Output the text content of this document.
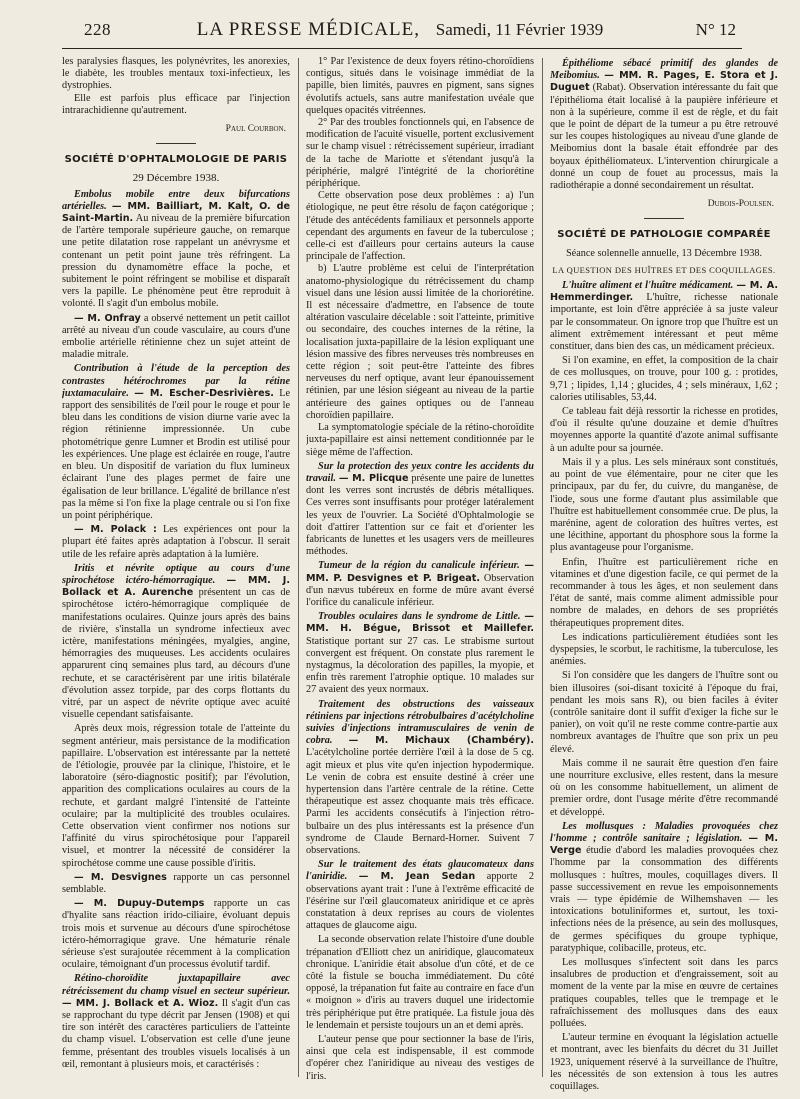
228	LA PRESSE MÉDICALE, Samedi, 11 Février 1939	N° 12

les paralysies flasques, les polynévrites, les anorexies, le diabète, les troubles mentaux toxi-infectieux, les dystrophies.

Elle est parfois plus efficace par l'injection intrarachidienne qu'autrement.

Paul Courbon.

SOCIÉTÉ D'OPHTALMOLOGIE DE PARIS
29 Décembre 1938.

Embolus mobile entre deux bifurcations artérielles. — MM. Bailliart, M. Kalt, O. de Saint-Martin. Au niveau de la première bifurcation de l'artère temporale supérieure gauche, on remarque une petite dilatation rose rappelant un anévrysme et contenant un petit point jaune très réfringent. La pression du dynamomètre efface la poche, et subitement le point réfringent se mobilise et disparaît vers la papille. Le phénomène peut être reproduit à volonté. Il s'agit d'un embolus mobile.

— M. Onfray a observé nettement un petit caillot arrêté au niveau d'un coude vasculaire, au cours d'une embolie artérielle rétinienne chez un sujet atteint de maladie mitrale.

Contribution à l'étude de la perception des contrastes hétérochromes par la rétine juxtamaculaire. — M. Escher-Desrivières. Le rapport des sensibilités de l'œil pour le rouge et pour le bleu dans les conditions de vision diurne varie avec la région rétinienne impressionnée. Un cube photométrique genre Lumner et Brodin est utilisé pour les expériences. Une plage est éclairée en rouge, l'autre en bleu. Un dispositif de variation du flux lumineux éclairant l'une des plages permet de faire une égalisation de leur brillance. L'égalité de brillance n'est pas la même si l'on fixe la plage centrale ou si l'on fixe un point périphérique.

— M. Polack : Les expériences ont pour la plupart été faites après adaptation à l'obscur. Il serait utile de les refaire après adaptation à la lumière.

Iritis et névrite optique au cours d'une spirochétose ictéro-hémorragique. — MM. J. Bollack et A. Aurenche présentent un cas de spirochétose ictéro-hémorragique compliquée de manifestations oculaires. Quinze jours après des bains de rivière, s'installa un syndrome infectieux avec ictère, manifestations méningées, myalgies, angine, hémorragies des muqueuses. Les accidents oculaires apparurent cinq semaines plus tard, au décours d'une rechute, et se caractérisèrent par une iritis bilatérale d'évolution assez torpide, par des corps flottants du vitré, par un aspect de névrite optique avec acuité visuelle cependant satisfaisante.

Après deux mois, régression totale de l'atteinte du segment antérieur, mais persistance de la modification papillaire. L'observation est intéressante par la netteté de l'étiologie, prouvée par la clinique, l'histoire, et le laboratoire (séro-diagnostic positif); par l'évolution, apparition des complications oculaires au cours de la rechute, et gardant malgré l'intensité de l'atteinte oculaire; par la multiplicité des troubles oculaires. Cette observation vient confirmer nos notions sur l'affinité du virus spirochétosique pour l'appareil visuel, et montrer la nécessité de considérer la spirochétose comme une cause possible d'iritis.

— M. Desvignes rapporte un cas personnel semblable.

— M. Dupuy-Dutemps rapporte un cas d'hyalite sans réaction irido-ciliaire, évoluant depuis trois mois et survenue au décours d'une spirochétose ictéro-hémorragique grave. Une hématurie rénale sérieuse s'est surajoutée récemment à la complication oculaire, témoignant d'un processus évolutif tardif.

Rétino-choroïdite juxtapapillaire avec rétrécissement du champ visuel en secteur supérieur. — MM. J. Bollack et A. Wioz. Il s'agit d'un cas se rapprochant du type décrit par Jensen (1908) et qui tire son intérêt des caractères particuliers de l'atteinte du champ visuel. L'observation est celle d'une jeune femme, présentant des troubles visuels localisés à un œil, remontant à plusieurs mois, et caractérisés :

1° Par l'existence de deux foyers rétino-choroïdiens contigus, situés dans le voisinage immédiat de la papille, bien limités, pauvres en pigment, sans signes évolutifs actuels, sans autre manifestation uvéale que quelques opacités vitréennes.

2° Par des troubles fonctionnels qui, en l'absence de modification de l'acuité visuelle, portent exclusivement sur le champ visuel : rétrécissement supérieur, irradiant de la tache de Mariotte et s'étendant jusqu'à la périphérie, malgré l'intégrité de la choriorétine périphérique.

Cette observation pose deux problèmes : a) l'un étiologique, ne peut être résolu de façon catégorique ; l'étude des antécédents familiaux et personnels apporte cependant des arguments en faveur de la tuberculose ; celle-ci est d'ailleurs pour certains auteurs la cause principale de l'affection.

b) L'autre problème est celui de l'interprétation anatomo-physiologique du rétrécissement du champ visuel dans une lésion aussi limitée de la choriorétine. Il est nécessaire d'admettre, en l'absence de toute altération vasculaire décelable : soit l'atteinte, primitive ou secondaire, des couches internes de la rétine, la localisation juxta-papillaire de la lésion expliquant une lésion massive des fibres nerveuses très nombreuses en cette région ; soit peut-être l'atteinte des fibres nerveuses du nerf optique, avant leur épanouissement rétinien, par une lésion siégeant au niveau de la partie antérieure des gaines optiques ou de l'anneau choroïdien papillaire.

La symptomatologie spéciale de la rétino-choroïdite juxta-papillaire est ainsi nettement conditionnée par le siège même de l'affection.

Sur la protection des yeux contre les accidents du travail. — M. Plicque présente une paire de lunettes dont les verres sont incrustés de débris métalliques. Ces verres sont insuffisants pour protéger latéralement les yeux de l'ouvrier. La Société d'Ophtalmologie se doit d'attirer l'attention sur ce fait et d'orienter les fabricants de lunettes et les usagers vers de meilleures méthodes.

Tumeur de la région du canalicule inférieur. — MM. P. Desvignes et P. Brigeat. Observation d'un nævus tubéreux en forme de mûre avant éversé l'orifice du canalicule inférieur.

Troubles oculaires dans le syndrome de Little. — MM. H. Bégue, Brissot et Maillefer. Statistique portant sur 27 cas. Le strabisme surtout convergent est fréquent. On constate plus rarement le nystagmus, la décoloration des papilles, la myopie, et enfin très rarement l'atrophie optique. 10 malades sur 27 avaient des yeux normaux.

Traitement des obstructions des vaisseaux rétiniens par injections rétrobulbaires d'acétylcholine suivies d'injections intramusculaires de venin de cobra. — M. Michaux (Chambéry). L'acétylcholine portée derrière l'œil à la dose de 5 cg. agit mieux et plus vite qu'en injection hypodermique. Le venin de cobra est ensuite destiné à créer une hypertension dans l'artère centrale de la rétine. Cette thérapeutique est assez choquante mais très efficace. Parmi les accidents consécutifs à l'injection rétro-bulbaire un des plus intéressants est la présence d'un syndrome de Claude Bernard-Horner. Suivent 7 observations.

Sur le traitement des états glaucomateux dans l'aniridie. — M. Jean Sedan apporte 2 observations ayant trait : l'une à l'extrême efficacité de l'ésérine sur l'œil glaucomateux aniridique et ce après constatation à deux reprises au cours de violentes attaques de glaucome aigu.

La seconde observation relate l'histoire d'une double trépanation d'Elliott chez un aniridique, glaucomateux chronique. L'aniridie était absolue d'un côté, et de ce côté la fistule se boucha immédiatement. Du côté opposé, la trépanation fut faite au contraire en face d'un « moignon » d'iris au travers duquel une iridectomie très périphérique put être pratiquée. La fistule joua dès le lendemain et persiste toujours un an et demi après.

L'auteur pense que pour sectionner la base de l'iris, ainsi que cela est indispensable, il est commode d'opérer chez l'aniridique au niveau des vestiges de l'iris.

Épithéliome sébacé primitif des glandes de Meibomius. — MM. R. Pages, E. Stora et J. Duguet (Rabat). Observation intéressante du fait que l'épithélioma était localisé à la paupière inférieure et non à la supérieure, comme il est de règle, et du fait que le point de départ de la tumeur a pu être retrouvé sur les coupes histologiques au niveau d'une glande de Meibomius dont la basale était effondrée par des boyaux épithéliomateux. L'intervention chirurgicale a donné un coup de fouet au processus, mais la radiothérapie a donné secondairement un résultat.

Dubois-Poulsen.

SOCIÉTÉ DE PATHOLOGIE COMPARÉE

Séance solennelle annuelle, 13 Décembre 1938.

LA QUESTION DES HUÎTRES ET DES COQUILLAGES.

L'huître aliment et l'huître médicament. — M. A. Hemmerdinger. L'huître, richesse nationale importante, est loin d'être appréciée à sa juste valeur par le consommateur. On ignore trop que l'huître est un aliment extrêmement intéressant et peut même constituer, dans bien des cas, un médicament précieux.

Si l'on examine, en effet, la composition de la chair de ces mollusques, on trouve, pour 100 g. : protides, 9,71 ; lipides, 1,14 ; glucides, 4 ; sels minéraux, 1,62 ; calories utilisables, 53,44.

Ce tableau fait déjà ressortir la richesse en protides, d'où il résulte qu'une douzaine et demie d'huîtres moyennes apporte la quantité d'azote animal suffisante à un adulte pour sa journée.

Mais il y a plus. Les sels minéraux sont constitués, au point de vue élémentaire, pour ne citer que les principaux, par du fer, du cuivre, du manganèse, de l'iode, sous une forme d'autant plus assimilable que l'huître est habituellement consommée crue. De plus, la marénine, agent de coloration des huîtres vertes, est une lécithine, apportant du phosphore sous la forme la plus avantageuse pour l'organisme.

Enfin, l'huître est particulièrement riche en vitamines et d'une digestion facile, ce qui permet de la recommander à tous les âges, et non seulement dans l'état de santé, mais comme aliment admissible pour nombre de malades, en dehors de ses propriétés thérapeutiques proprement dites.

Les indications particulièrement étudiées sont les dyspepsies, le scorbut, le rachitisme, la tuberculose, les anémies.

Si l'on considère que les dangers de l'huître sont ou bien illusoires (soi-disant toxicité à l'époque du frai, pendant les mois sans R), ou bien faciles à éviter (contrôle sanitaire dont il suffit d'exiger la fiche sur le panier), on voit qu'il ne reste comme contre-partie aux nombreux avantages de l'huître que son prix un peu élevé.

Mais comme il ne saurait être question d'en faire une nourriture exclusive, elles restent, dans la mesure où on les consomme habituellement, un aliment de premier ordre, dont l'usage mérite d'être recommandé et développé.

Les mollusques : Maladies provoquées chez l'homme ; contrôle sanitaire ; législation. — M. Verge étudie d'abord les maladies provoquées chez l'homme par la consommation des différents mollusques : huîtres, moules, coquillages divers. Il passe successivement en revue les empoisonnements vrais — type épidémie de Wilhemshaven — les intoxications botuliniformes et, surtout, les toxi-infections nées de la présence, au sein des mollusques, de germes spécifiques du groupe typhique, paratyphique, colibacille, proteus, etc.

Les mollusques s'infectent soit dans les parcs insalubres de production et d'engraissement, soit au moment de la vente par la mise en œuvre de certaines pratiques coupables, telles que le trempage et le rafraîchissement des mollusques dans des eaux polluées.

L'auteur termine en évoquant la législation actuelle et montrant, avec les bienfaits du décret du 31 Juillet 1923, uniquement réservé à la surveillance de l'huître, les nécessités de son extension à tous les autres coquillages.
